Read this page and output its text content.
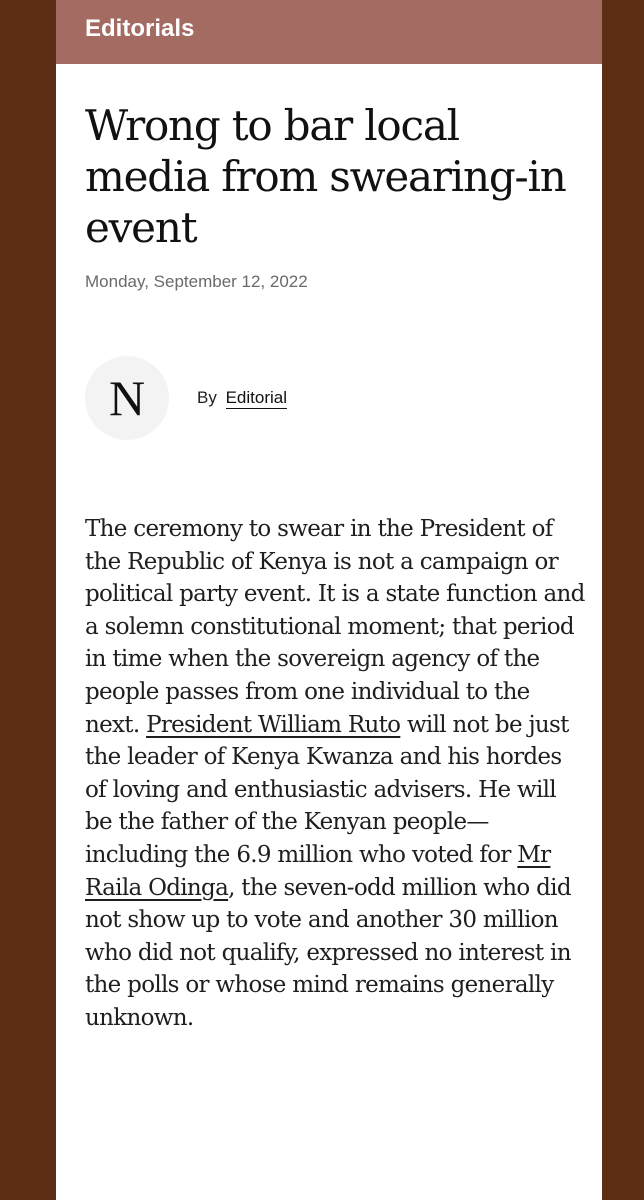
Editorials
Wrong to bar local media from swearing-in event
Monday, September 12, 2022
N	By Editorial

The ceremony to swear in the President of the Republic of Kenya is not a campaign or political party event. It is a state function and a solemn constitutional moment; that period in time when the sovereign agency of the people passes from one individual to the next. President William Ruto will not be just the leader of Kenya Kwanza and his hordes of loving and enthusiastic advisers. He will be the father of the Kenyan people—including the 6.9 million who voted for Mr Raila Odinga, the seven-odd million who did not show up to vote and another 30 million who did not qualify, expressed no interest in the polls or whose mind remains generally unknown.
